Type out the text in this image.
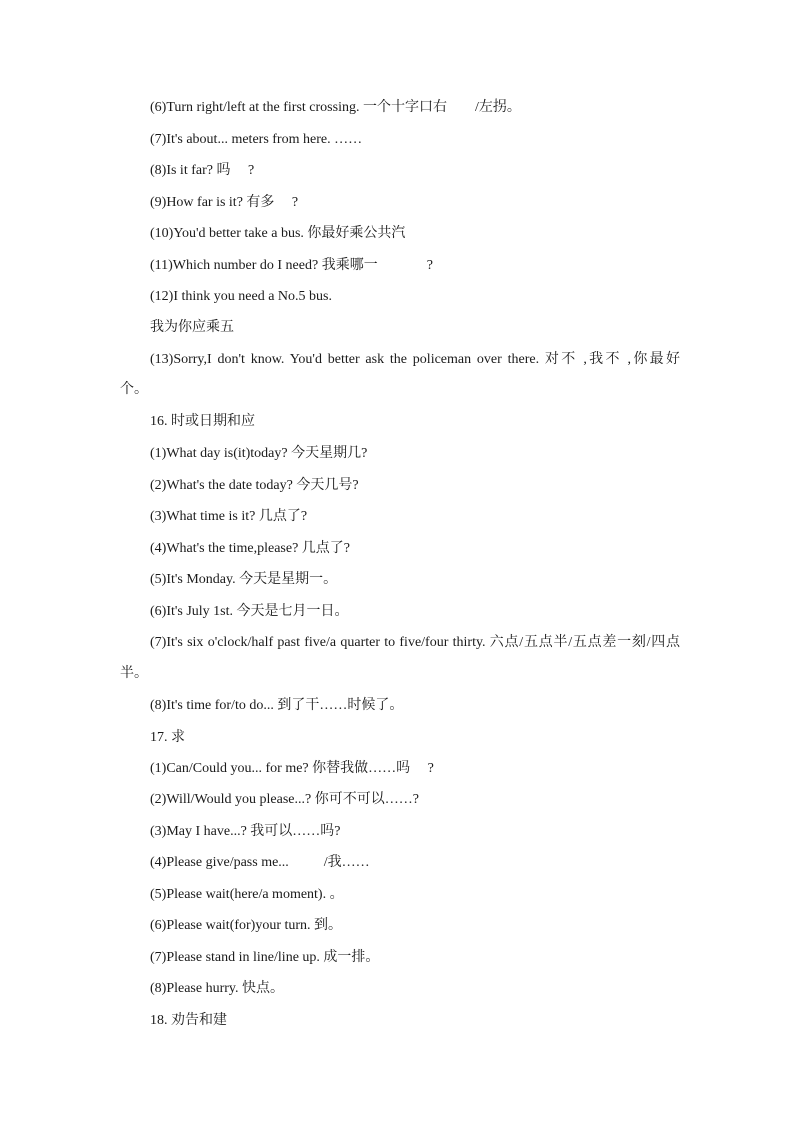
(6)Turn right/left at the first crossing. 一个十字口右        /左拐。
(7)It's about... meters from here. ……
(8)Is it far? 吗     ?
(9)How far is it? 有多     ?
(10)You'd better take a bus. 你最好乘公共汽
(11)Which number do I need? 我乘哪一              ?
(12)I think you need a No.5 bus.
我为你应乘五
(13)Sorry,I don't know. You'd better ask the policeman over there. 对不 ,我不 ,你最好
个。
16. 时或日期和应
(1)What day is(it)today? 今天星期几?
(2)What's the date today? 今天几号?
(3)What time is it? 几点了?
(4)What's the time,please? 几点了?
(5)It's Monday. 今天是星期一。
(6)It's July 1st. 今天是七月一日。
(7)It's six o'clock/half past five/a quarter to five/four thirty. 六点/五点半/五点差一刻/四点
半。
(8)It's time for/to do... 到了干……时候了。
17. 求
(1)Can/Could you... for me? 你替我做……吗     ?
(2)Will/Would you please...? 你可不可以……?
(3)May I have...? 我可以……吗?
(4)Please give/pass me...          /我……
(5)Please wait(here/a moment). 。
(6)Please wait(for)your turn. 到。
(7)Please stand in line/line up. 成一排。
(8)Please hurry. 快点。
18. 劝告和建
